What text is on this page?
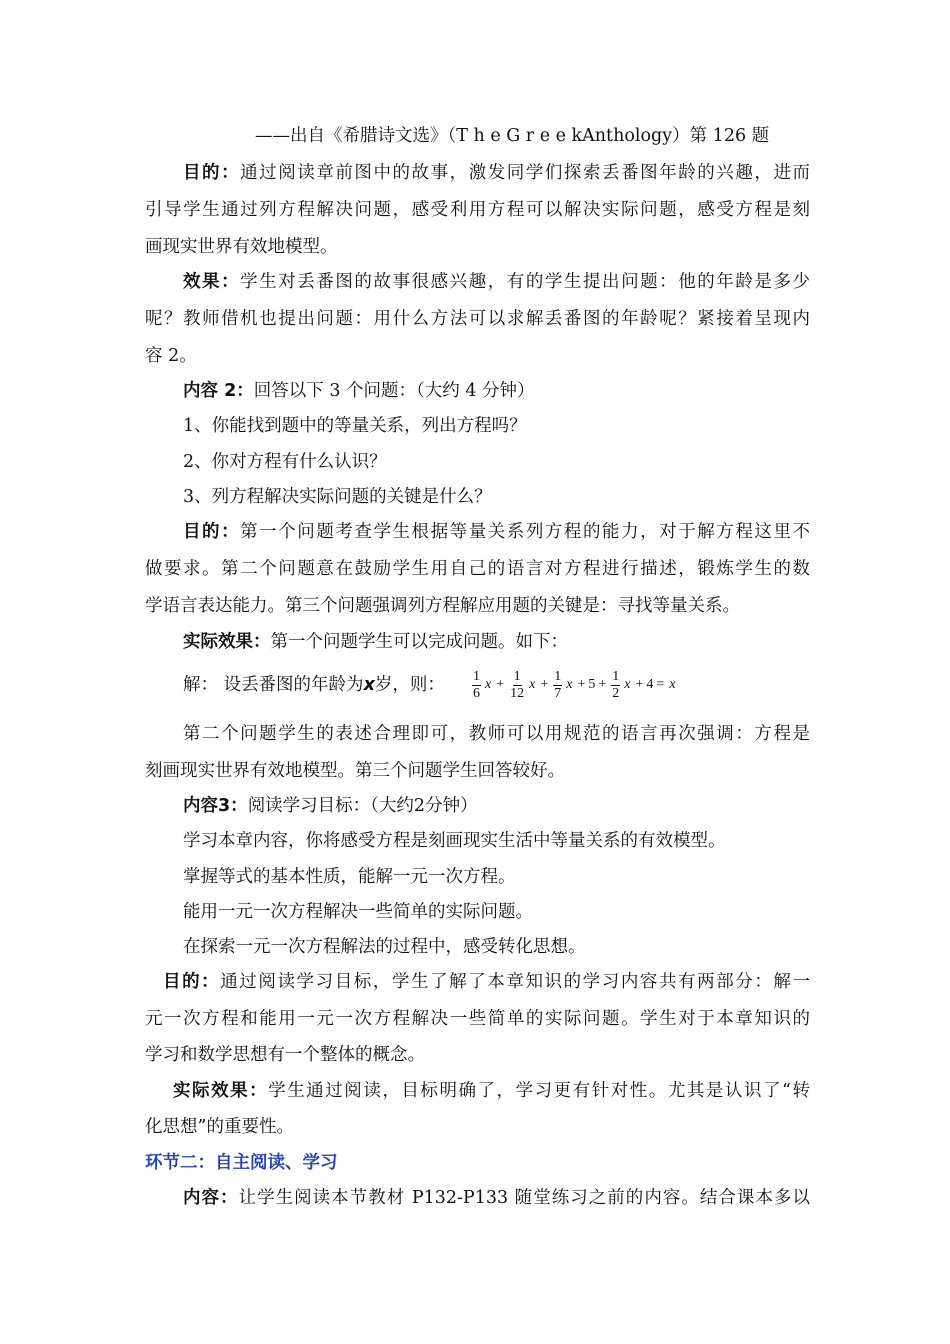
——出自《希腊诗文选》（T h e G r e e kAnthology）第 126 题
目的：通过阅读章前图中的故事，激发同学们探索丢番图年龄的兴趣，进而
引导学生通过列方程解决问题，感受利用方程可以解决实际问题，感受方程是刻
画现实世界有效地模型。
效果：学生对丢番图的故事很感兴趣，有的学生提出问题：他的年龄是多少
呢？教师借机也提出问题：用什么方法可以求解丢番图的年龄呢？紧接着呈现内
容 2。
内容 2：回答以下 3 个问题：（大约 4 分钟）
1、你能找到题中的等量关系，列出方程吗？
2、你对方程有什么认识？
3、列方程解决实际问题的关键是什么？
目的：第一个问题考查学生根据等量关系列方程的能力，对于解方程这里不
做要求。第二个问题意在鼓励学生用自己的语言对方程进行描述，锻炼学生的数
学语言表达能力。第三个问题强调列方程解应用题的关键是：寻找等量关系。
实际效果：第一个问题学生可以完成问题。如下：
解： 设丢番图的年龄为x岁，则：	$\frac{1}{6}$ $x + \frac{1}{12}$ $x + \frac{1}{7}$ $x + 5 + \frac{1}{2}$ x + 4 = x
第二个问题学生的表述合理即可，教师可以用规范的语言再次强调：方程是
刻画现实世界有效地模型。第三个问题学生回答较好。
内容3：阅读学习目标：（大约2分钟）
学习本章内容，你将感受方程是刻画现实生活中等量关系的有效模型。
掌握等式的基本性质，能解一元一次方程。
能用一元一次方程解决一些简单的实际问题。
在探索一元一次方程解法的过程中，感受转化思想。
目的：通过阅读学习目标，学生了解了本章知识的学习内容共有两部分：解一
元一次方程和能用一元一次方程解决一些简单的实际问题。学生对于本章知识的
学习和数学思想有一个整体的概念。
实际效果：学生通过阅读，目标明确了，学习更有针对性。尤其是认识了“转
化思想”的重要性。
环节二：自主阅读、学习
内容：让学生阅读本节教材 P132-P133 随堂练习之前的内容。结合课本多以
